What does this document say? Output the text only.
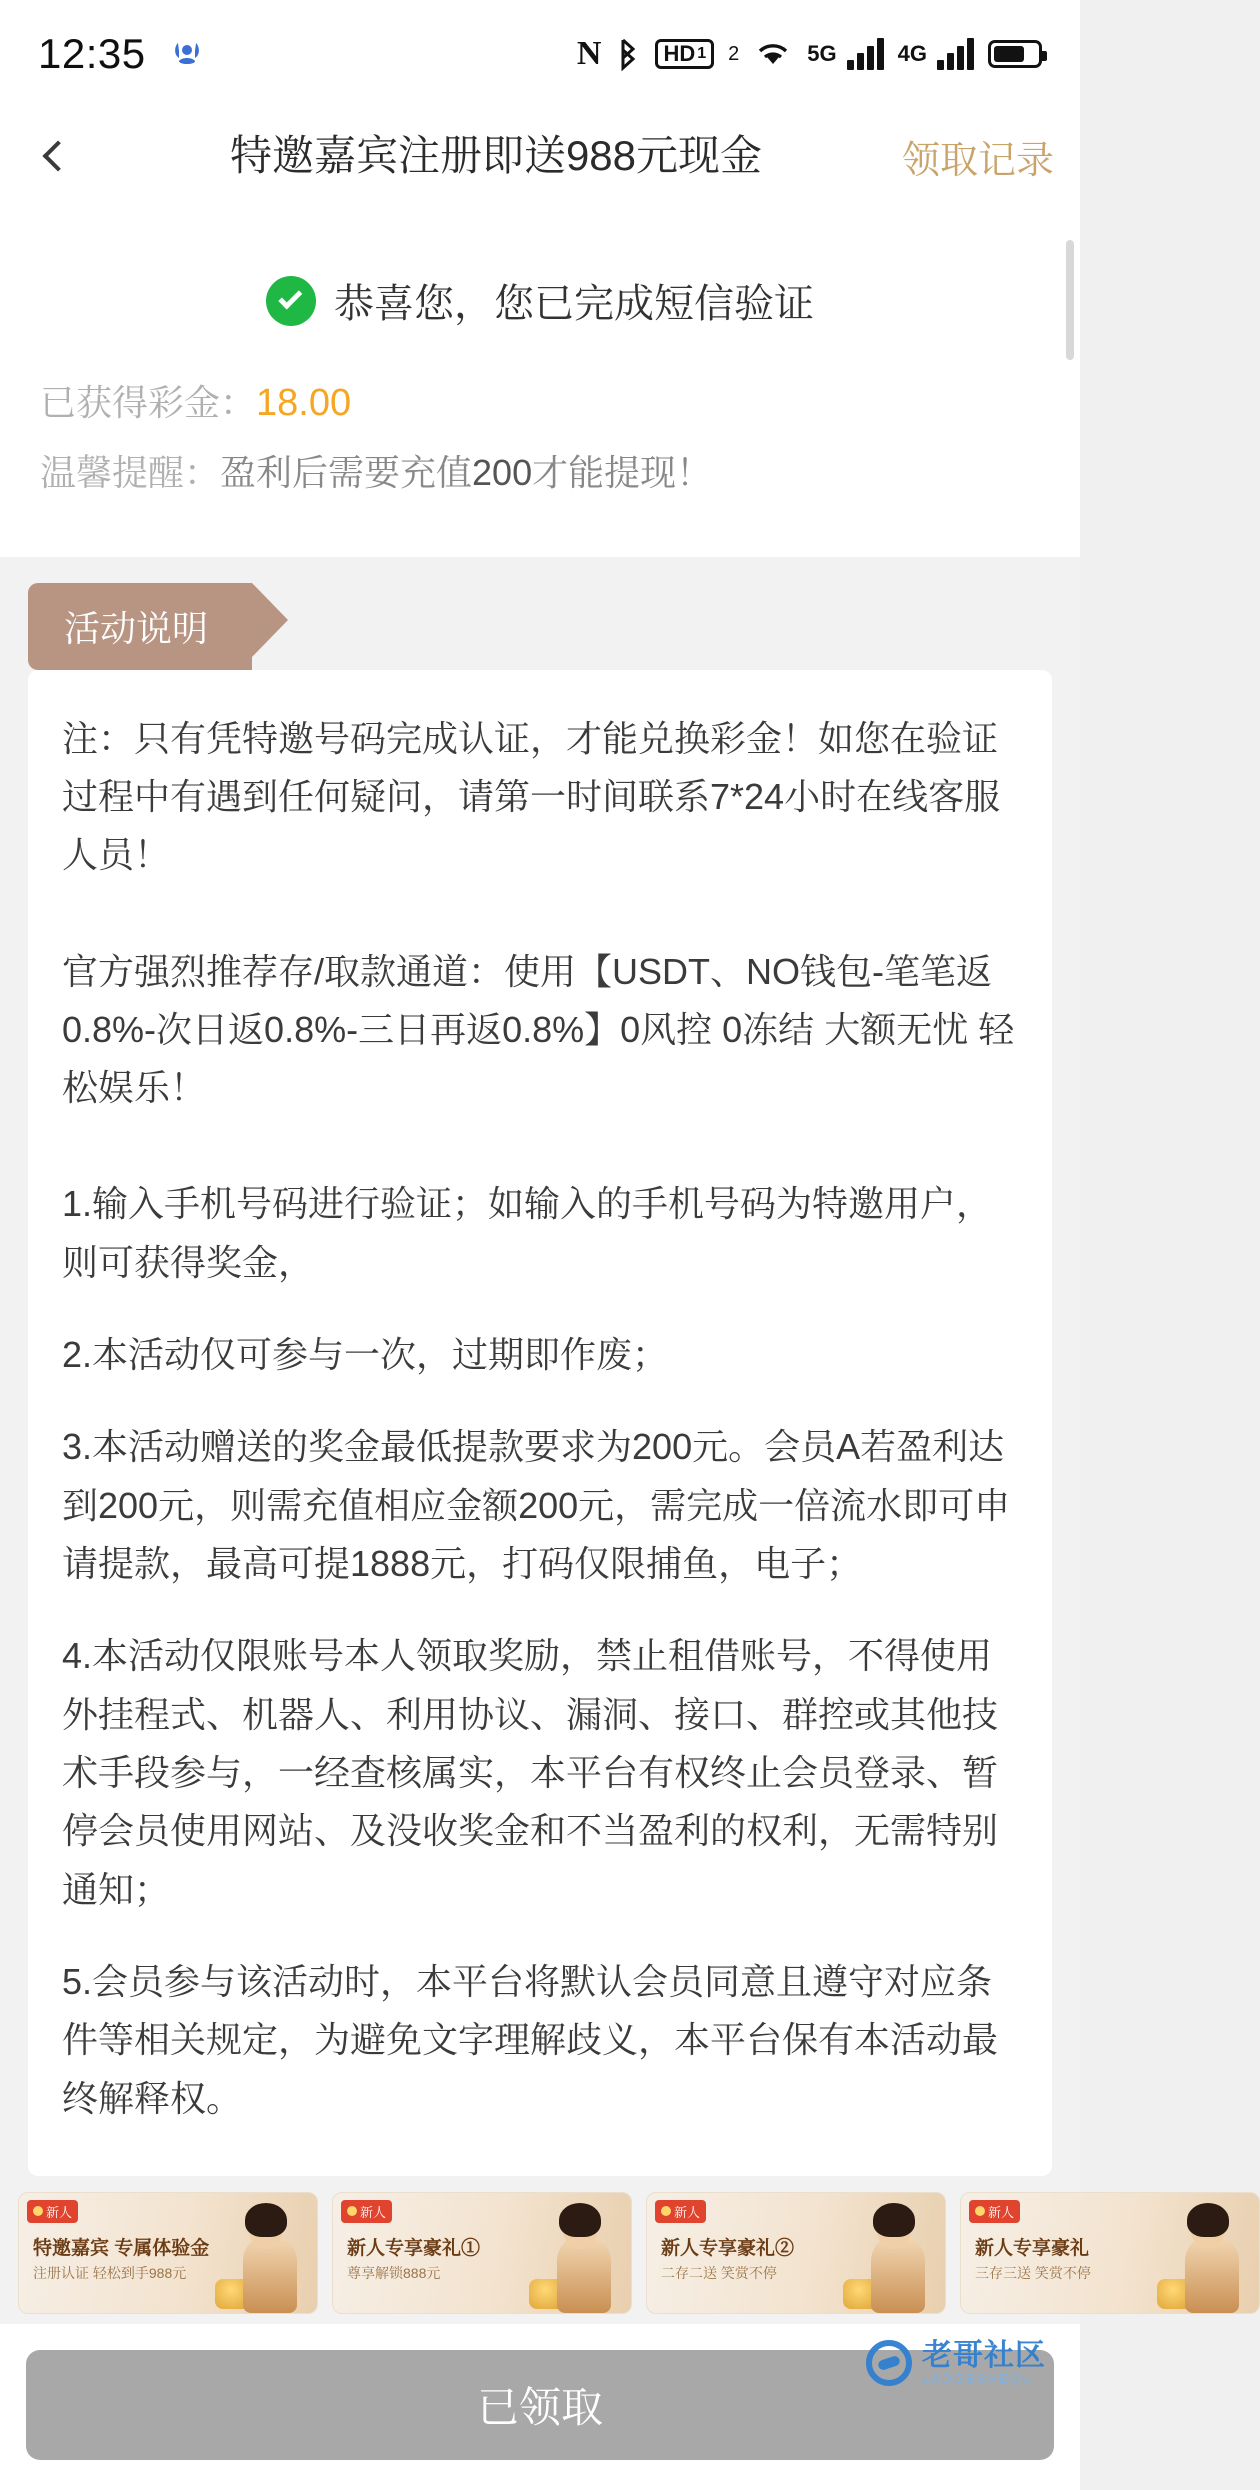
12:35	N	HD 1 2	5G	4G
特邀嘉宾注册即送988元现金	领取记录
恭喜您，您已完成短信验证
已获得彩金：18.00
温馨提醒：盈利后需要充值200才能提现！
活动说明
注：只有凭特邀号码完成认证，才能兑换彩金！如您在验证过程中有遇到任何疑问，请第一时间联系7*24小时在线客服人员！
官方强烈推荐存/取款通道：使用【USDT、NO钱包-笔笔返0.8%-次日返0.8%-三日再返0.8%】0风控 0冻结 大额无忧 轻松娱乐！
1.输入手机号码进行验证；如输入的手机号码为特邀用户，则可获得奖金，
2.本活动仅可参与一次，过期即作废；
3.本活动赠送的奖金最低提款要求为200元。会员A若盈利达到200元，则需充值相应金额200元，需完成一倍流水即可申请提款，最高可提1888元，打码仅限捕鱼，电子；
4.本活动仅限账号本人领取奖励，禁止租借账号，不得使用外挂程式、机器人、利用协议、漏洞、接口、群控或其他技术手段参与，一经查核属实，本平台有权终止会员登录、暂停会员使用网站、及没收奖金和不当盈利的权利，无需特别通知；
5.会员参与该活动时，本平台将默认会员同意且遵守对应条件等相关规定，为避免文字理解歧义，本平台保有本活动最终解释权。
新人
特邀嘉宾 专属体验金
注册认证 轻松到手988元
新人
新人专享豪礼①
尊享解锁888元
新人
新人专享豪礼②
二存二送 笑赏不停
新人
新人专享豪礼
三存三送 笑赏不停
已领取
老哥社区
LAOGESHEQU
